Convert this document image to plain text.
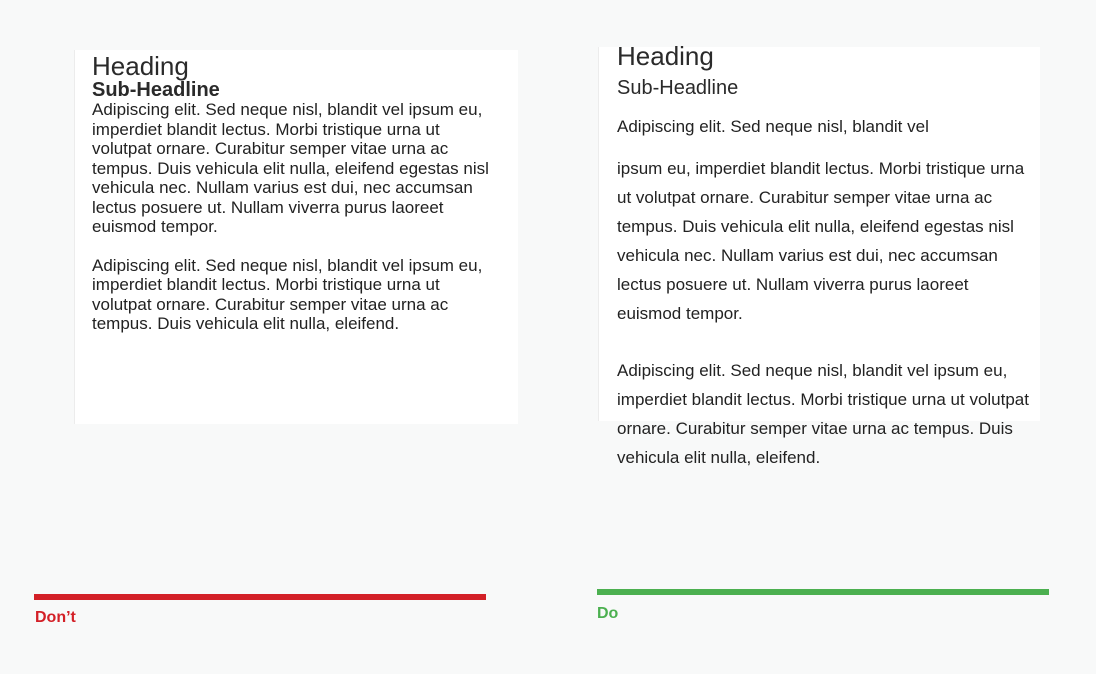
Heading
Sub-Headline

Adipiscing elit. Sed neque nisl, blandit vel ipsum eu, imperdiet blandit lectus. Morbi tristique urna ut volutpat ornare. Curabitur semper vitae urna ac tempus. Duis vehicula elit nulla, eleifend egestas nisl vehicula nec. Nullam varius est dui, nec accumsan lectus posuere ut. Nullam viverra purus laoreet euismod tempor.

Adipiscing elit. Sed neque nisl, blandit vel ipsum eu, imperdiet blandit lectus. Morbi tristique urna ut volutpat ornare. Curabitur semper vitae urna ac tempus. Duis vehicula elit nulla, eleifend.

Heading
Sub-Headline

Adipiscing elit. Sed neque nisl, blandit vel

ipsum eu, imperdiet blandit lectus. Morbi tristique urna ut volutpat ornare. Curabitur semper vitae urna ac tempus. Duis vehicula elit nulla, eleifend egestas nisl vehicula nec. Nullam varius est dui, nec accumsan lectus posuere ut. Nullam viverra purus laoreet euismod tempor.

Adipiscing elit. Sed neque nisl, blandit vel ipsum eu, imperdiet blandit lectus. Morbi tristique urna ut volutpat ornare. Curabitur semper vitae urna ac tempus. Duis vehicula elit nulla, eleifend.

Don’t	Do
